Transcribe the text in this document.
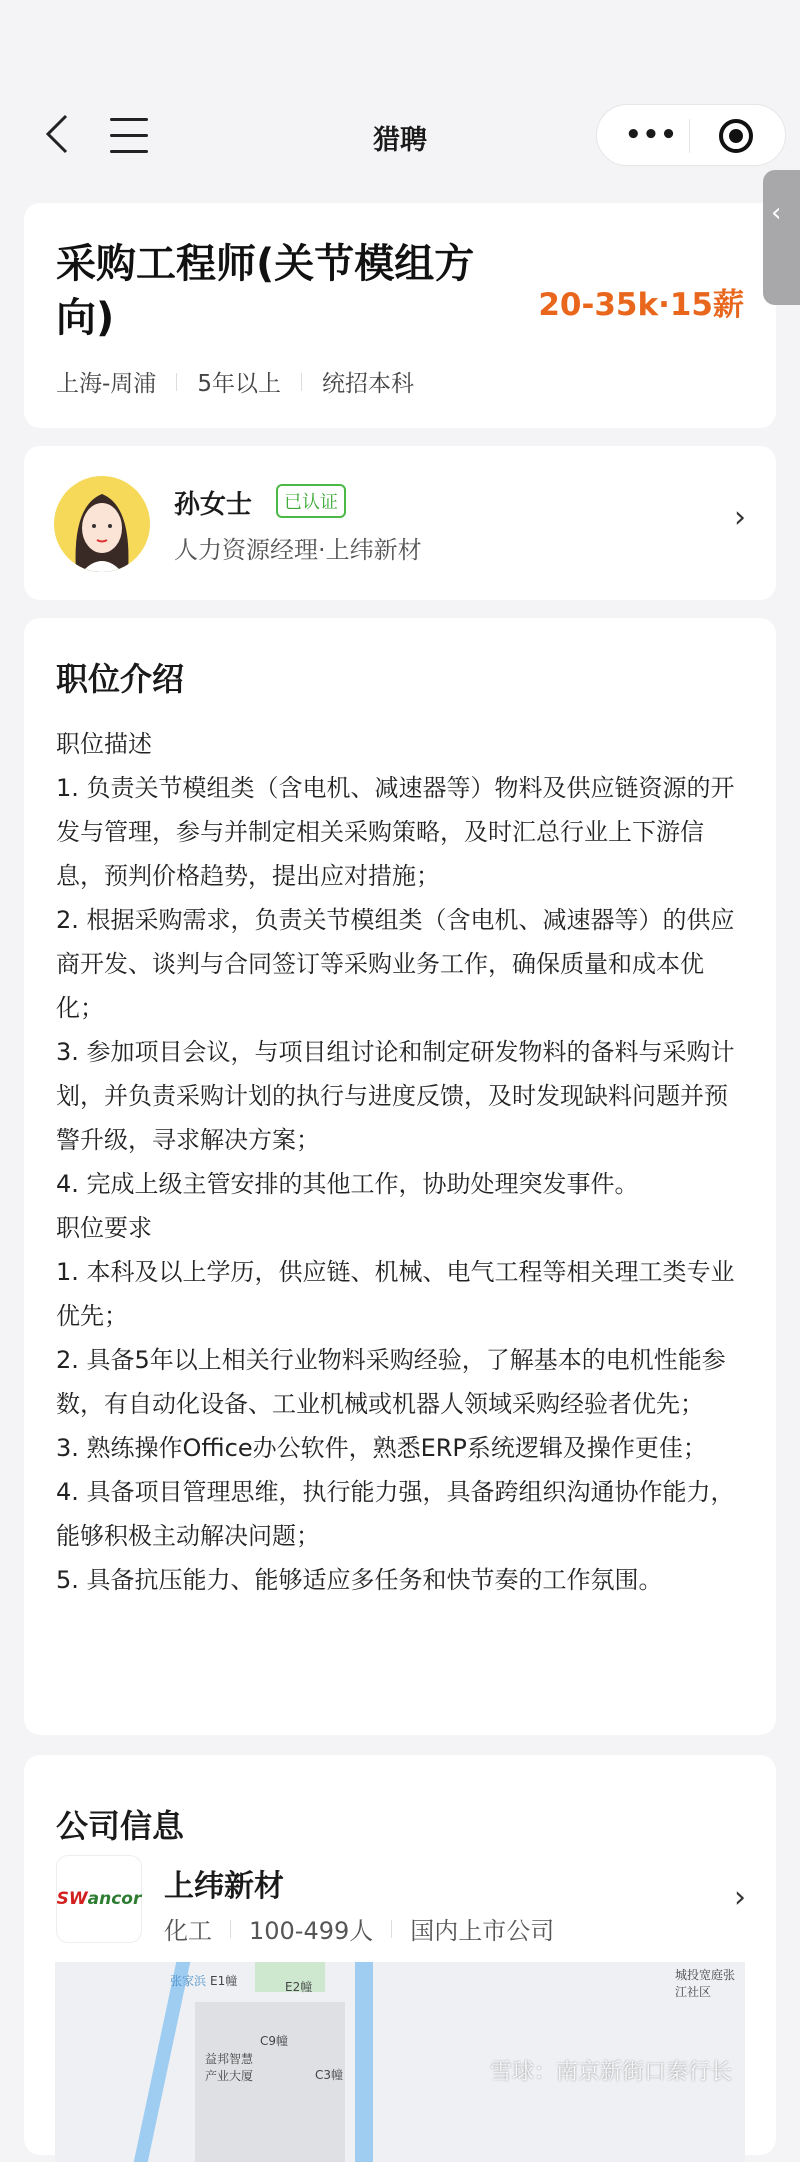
猎聘	•••
采购工程师(关节模组方向)	20-35k·15薪
上海-周浦 5年以上 统招本科
孙女士	已认证
人力资源经理·上纬新材
›
职位介绍

职位描述

1. 负责关节模组类（含电机、减速器等）物料及供应链资源的开发与管理，参与并制定相关采购策略，及时汇总行业上下游信息，预判价格趋势，提出应对措施；

2. 根据采购需求，负责关节模组类（含电机、减速器等）的供应商开发、谈判与合同签订等采购业务工作，确保质量和成本优化；

3. 参加项目会议，与项目组讨论和制定研发物料的备料与采购计划，并负责采购计划的执行与进度反馈，及时发现缺料问题并预警升级，寻求解决方案；

4. 完成上级主管安排的其他工作，协助处理突发事件。

职位要求

1. 本科及以上学历，供应链、机械、电气工程等相关理工类专业优先；

2. 具备5年以上相关行业物料采购经验，了解基本的电机性能参数，有自动化设备、工业机械或机器人领域采购经验者优先；

3. 熟练操作Office办公软件，熟悉ERP系统逻辑及操作更佳；

4. 具备项目管理思维，执行能力强，具备跨组织沟通协作能力，能够积极主动解决问题；

5. 具备抗压能力、能够适应多任务和快节奏的工作氛围。

公司信息
SW ancor 上纬新材
化工 100-499人 国内上市公司
›
张家浜 E1幢	E2幢
C9幢
益邦智慧产业大厦	C3幢
城投宽庭张江社区
‹
雪球：南京新街口秦行长
